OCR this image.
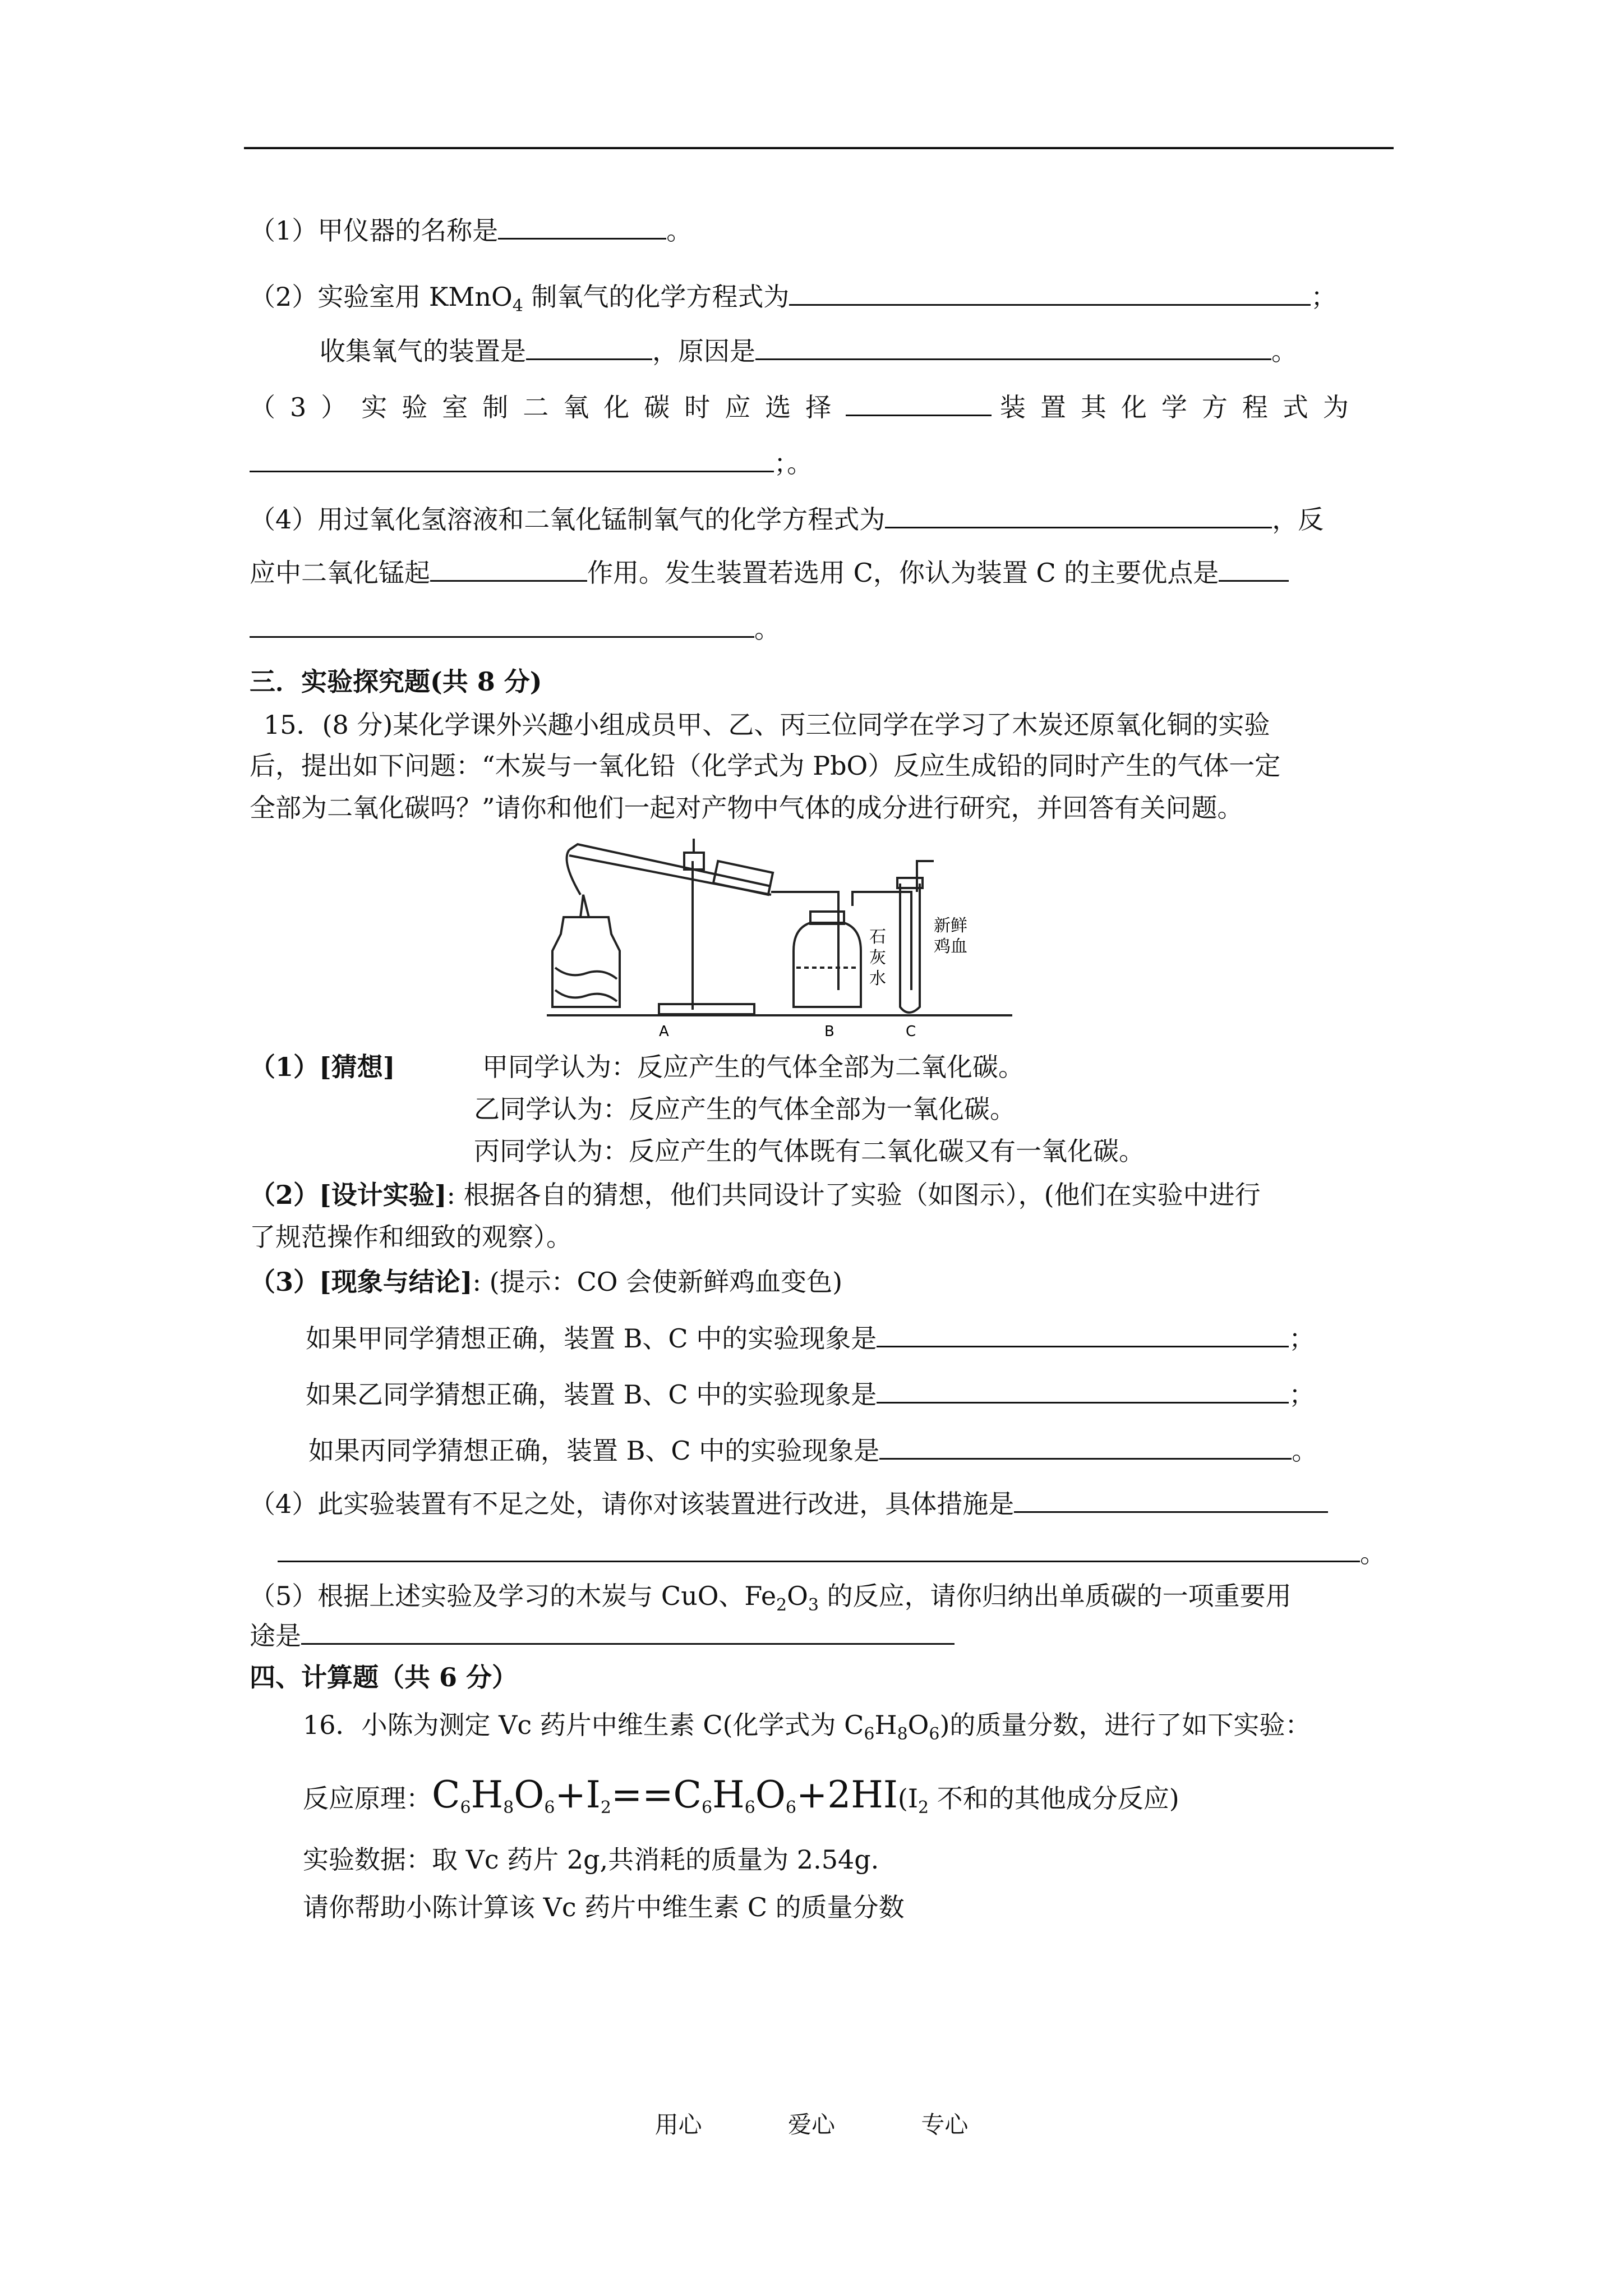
（1）甲仪器的名称是	。
（2）实验室用 KMnO$_4$ 制氧气的化学方程式为	；
收集氧气的装置是	，原因是	。
（3）实验室制二氧化碳时应选择	装置其化学方程式为
；。
（4）用过氧化氢溶液和二氧化锰制氧气的化学方程式为	，反
应中二氧化锰起	作用。发生装置若选用 C，你认为装置 C 的主要优点是
。
三．实验探究题(共 8 分)
15．(8 分)某化学课外兴趣小组成员甲、乙、丙三位同学在学习了木炭还原氧化铜的实验
后，提出如下问题：“木炭与一氧化铅（化学式为 PbO）反应生成铅的同时产生的气体一定
全部为二氧化碳吗？”请你和他们一起对产物中气体的成分进行研究，并回答有关问题。
A	B	C
石
灰
水
新鲜
鸡血
（1）[猜想]	甲同学认为：反应产生的气体全部为二氧化碳。
乙同学认为：反应产生的气体全部为一氧化碳。
丙同学认为：反应产生的气体既有二氧化碳又有一氧化碳。
（2）[设计实验]: 根据各自的猜想，他们共同设计了实验（如图示），(他们在实验中进行
了规范操作和细致的观察）。
（3）[现象与结论]: (提示：CO 会使新鲜鸡血变色)
如果甲同学猜想正确，装置 B、C 中的实验现象是	；
如果乙同学猜想正确，装置 B、C 中的实验现象是	；
如果丙同学猜想正确，装置 B、C 中的实验现象是	。
（4）此实验装置有不足之处，请你对该装置进行改进，具体措施是
。
（5）根据上述实验及学习的木炭与 CuO、$Fe_2O_3$ 的反应，请你归纳出单质碳的一项重要用
途是
四、计算题（共 6 分）
16．小陈为测定 Vc 药片中维生素 C(化学式为 $C_6H_8O_6$)的质量分数，进行了如下实验：
反应原理：$C_6H_8O_6+I_2==C_6H_6O_6+2HI(I_2$ 不和的其他成分反应)
实验数据：取 Vc 药片 2g,共消耗的质量为 2.54g.
请你帮助小陈计算该 Vc 药片中维生素 C 的质量分数
用心	爱心	专心
